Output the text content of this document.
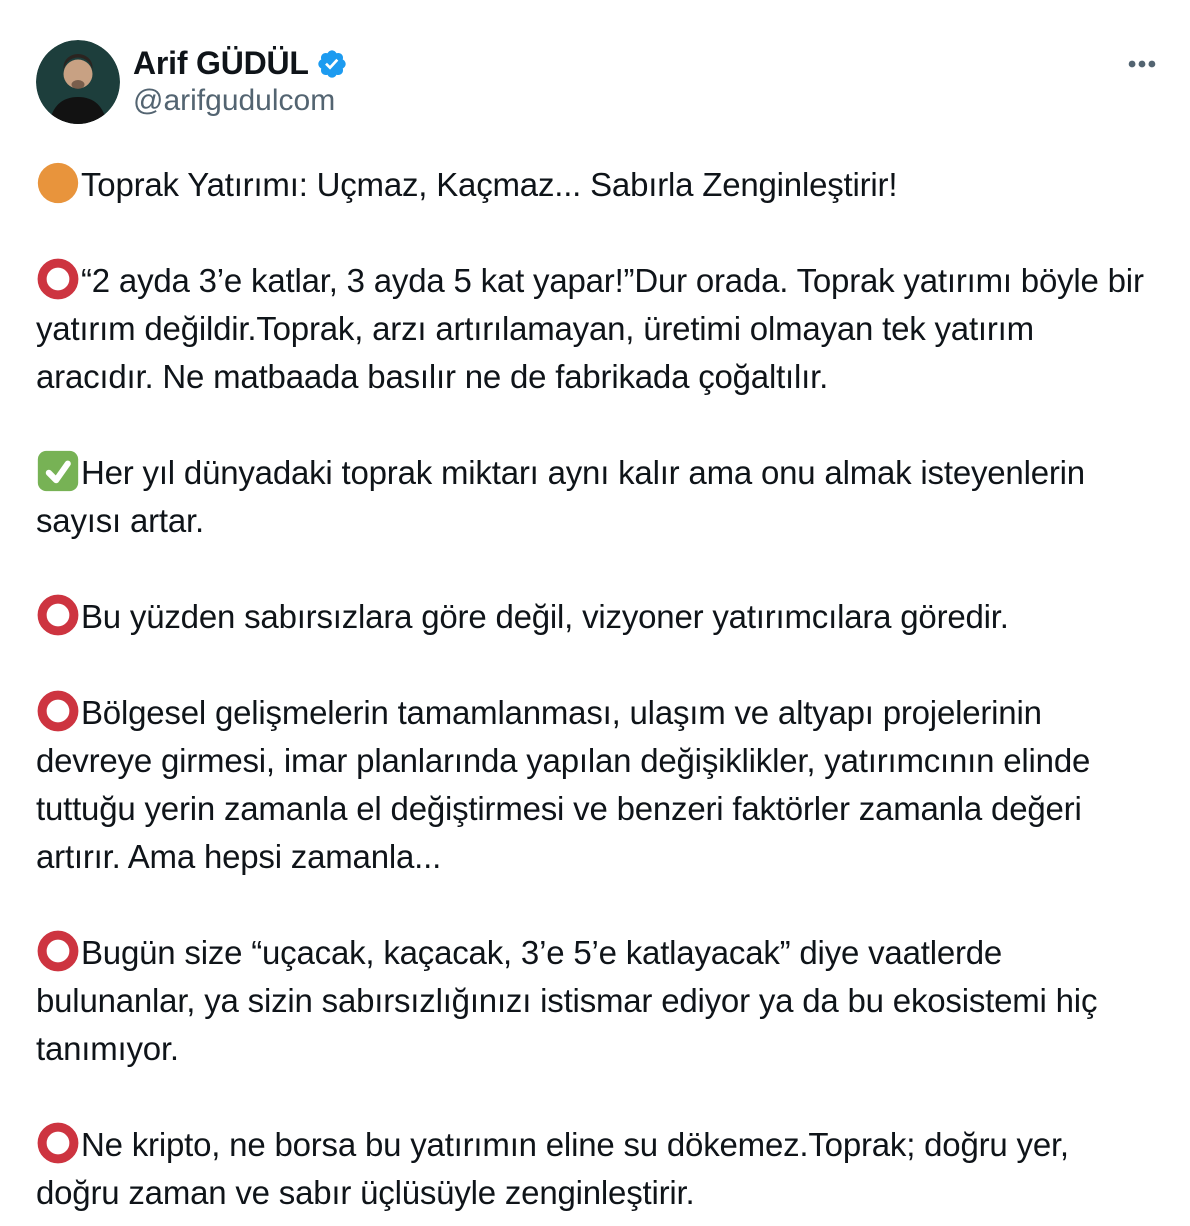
Arif GÜDÜL
@arifgudulcom

Toprak Yatırımı: Uçmaz, Kaçmaz... Sabırla Zenginleştirir!

“2 ayda 3’e katlar, 3 ayda 5 kat yapar!”Dur orada. Toprak yatırımı böyle bir yatırım değildir.Toprak, arzı artırılamayan, üretimi olmayan tek yatırım aracıdır. Ne matbaada basılır ne de fabrikada çoğaltılır.

Her yıl dünyadaki toprak miktarı aynı kalır ama onu almak isteyenlerin sayısı artar.

Bu yüzden sabırsızlara göre değil, vizyoner yatırımcılara göredir.

Bölgesel gelişmelerin tamamlanması, ulaşım ve altyapı projelerinin devreye girmesi, imar planlarında yapılan değişiklikler, yatırımcının elinde tuttuğu yerin zamanla el değiştirmesi ve benzeri faktörler zamanla değeri artırır. Ama hepsi zamanla...

Bugün size “uçacak, kaçacak, 3’e 5’e katlayacak” diye vaatlerde bulunanlar, ya sizin sabırsızlığınızı istismar ediyor ya da bu ekosistemi hiç tanımıyor.

Ne kripto, ne borsa bu yatırımın eline su dökemez.Toprak; doğru yer, doğru zaman ve sabır üçlüsüyle zenginleştirir.
